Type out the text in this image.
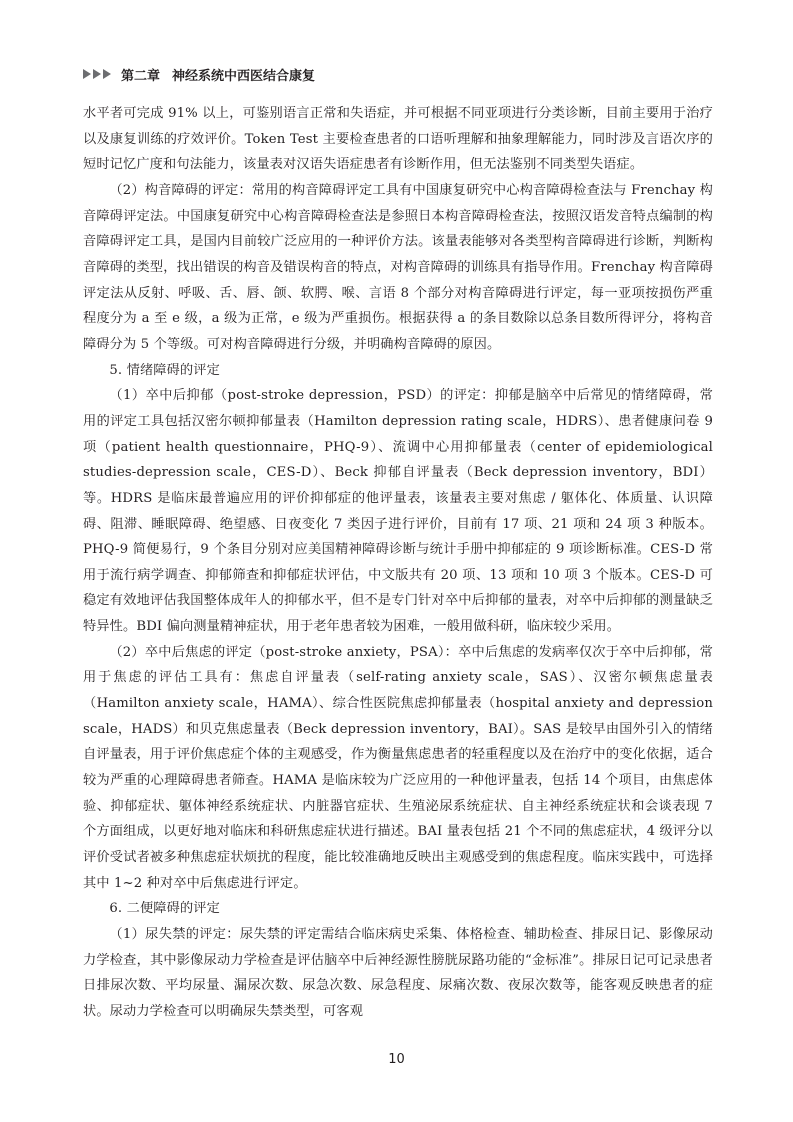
第二章 神经系统中西医结合康复

水平者可完成 91% 以上，可鉴别语言正常和失语症，并可根据不同亚项进行分类诊断，目前主要用于治疗以及康复训练的疗效评价。Token Test 主要检查患者的口语听理解和抽象理解能力，同时涉及言语次序的短时记忆广度和句法能力，该量表对汉语失语症患者有诊断作用，但无法鉴别不同类型失语症。

（2）构音障碍的评定：常用的构音障碍评定工具有中国康复研究中心构音障碍检查法与 Frenchay 构音障碍评定法。中国康复研究中心构音障碍检查法是参照日本构音障碍检查法，按照汉语发音特点编制的构音障碍评定工具，是国内目前较广泛应用的一种评价方法。该量表能够对各类型构音障碍进行诊断，判断构音障碍的类型，找出错误的构音及错误构音的特点，对构音障碍的训练具有指导作用。Frenchay 构音障碍评定法从反射、呼吸、舌、唇、颌、软腭、喉、言语 8 个部分对构音障碍进行评定，每一亚项按损伤严重程度分为 a 至 e 级，a 级为正常，e 级为严重损伤。根据获得 a 的条目数除以总条目数所得评分，将构音障碍分为 5 个等级。可对构音障碍进行分级，并明确构音障碍的原因。

5. 情绪障碍的评定

（1）卒中后抑郁（post-stroke depression，PSD）的评定：抑郁是脑卒中后常见的情绪障碍，常用的评定工具包括汉密尔顿抑郁量表（Hamilton depression rating scale，HDRS）、患者健康问卷 9 项（patient health questionnaire，PHQ-9）、流调中心用抑郁量表（center of epidemiological studies-depression scale，CES-D）、Beck 抑郁自评量表（Beck depression inventory，BDI）等。HDRS 是临床最普遍应用的评价抑郁症的他评量表，该量表主要对焦虑 / 躯体化、体质量、认识障碍、阻滞、睡眠障碍、绝望感、日夜变化 7 类因子进行评价，目前有 17 项、21 项和 24 项 3 种版本。PHQ-9 简便易行，9 个条目分别对应美国精神障碍诊断与统计手册中抑郁症的 9 项诊断标准。CES-D 常用于流行病学调查、抑郁筛查和抑郁症状评估，中文版共有 20 项、13 项和 10 项 3 个版本。CES-D 可稳定有效地评估我国整体成年人的抑郁水平，但不是专门针对卒中后抑郁的量表，对卒中后抑郁的测量缺乏特异性。BDI 偏向测量精神症状，用于老年患者较为困难，一般用做科研，临床较少采用。

（2）卒中后焦虑的评定（post-stroke anxiety，PSA）：卒中后焦虑的发病率仅次于卒中后抑郁，常用于焦虑的评估工具有：焦虑自评量表（self-rating anxiety scale，SAS）、汉密尔顿焦虑量表（Hamilton anxiety scale，HAMA）、综合性医院焦虑抑郁量表（hospital anxiety and depression scale，HADS）和贝克焦虑量表（Beck depression inventory，BAI）。SAS 是较早由国外引入的情绪自评量表，用于评价焦虑症个体的主观感受，作为衡量焦虑患者的轻重程度以及在治疗中的变化依据，适合较为严重的心理障碍患者筛查。HAMA 是临床较为广泛应用的一种他评量表，包括 14 个项目，由焦虑体验、抑郁症状、躯体神经系统症状、内脏器官症状、生殖泌尿系统症状、自主神经系统症状和会谈表现 7 个方面组成，以更好地对临床和科研焦虑症状进行描述。BAI 量表包括 21 个不同的焦虑症状，4 级评分以评价受试者被多种焦虑症状烦扰的程度，能比较准确地反映出主观感受到的焦虑程度。临床实践中，可选择其中 1~2 种对卒中后焦虑进行评定。

6. 二便障碍的评定

（1）尿失禁的评定：尿失禁的评定需结合临床病史采集、体格检查、辅助检查、排尿日记、影像尿动力学检查，其中影像尿动力学检查是评估脑卒中后神经源性膀胱尿路功能的“金标准”。排尿日记可记录患者日排尿次数、平均尿量、漏尿次数、尿急次数、尿急程度、尿痛次数、夜尿次数等，能客观反映患者的症状。尿动力学检查可以明确尿失禁类型，可客观

10
